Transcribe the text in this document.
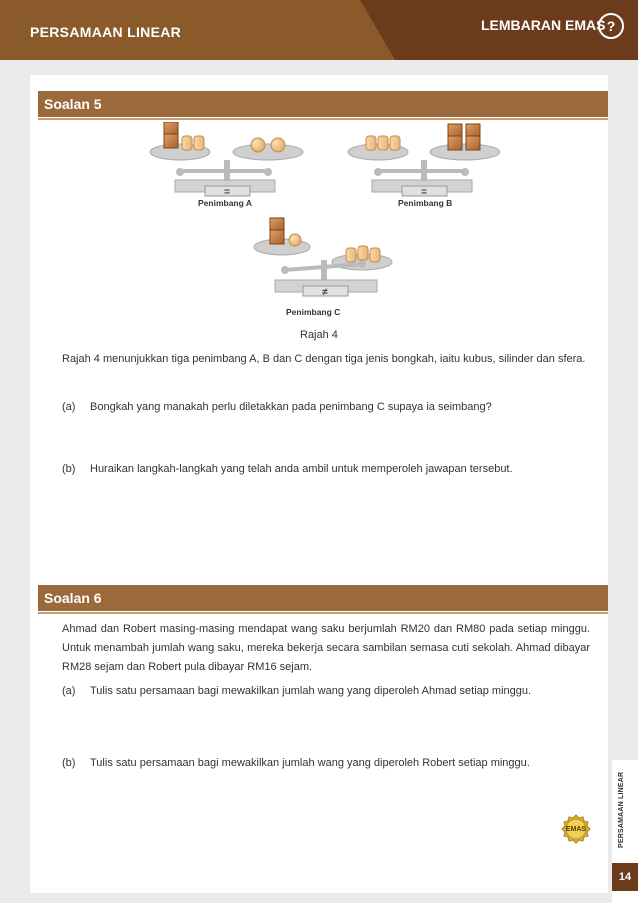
PERSAMAAN LINEAR	LEMBARAN EMAS ?
Soalan 5
=	=
≠
Penimbang A	Penimbang B
Penimbang C
Rajah 4
Rajah 4 menunjukkan tiga penimbang A, B dan C dengan tiga jenis bongkah, iaitu kubus, silinder dan sfera.
(a) Bongkah yang manakah perlu diletakkan pada penimbang C supaya ia seimbang?
(b) Huraikan langkah-langkah yang telah anda ambil untuk memperoleh jawapan tersebut.
Soalan 6
Ahmad dan Robert masing-masing mendapat wang saku berjumlah RM20 dan RM80 pada setiap minggu. Untuk menambah jumlah wang saku, mereka bekerja secara sambilan semasa cuti sekolah. Ahmad dibayar RM28 sejam dan Robert pula dibayar RM16 sejam.
(a) Tulis satu persamaan bagi mewakilkan jumlah wang yang diperoleh Ahmad setiap minggu.
(b) Tulis satu persamaan bagi mewakilkan jumlah wang yang diperoleh Robert setiap minggu.
PERSAMAAN LINEAR
EMAS
14
